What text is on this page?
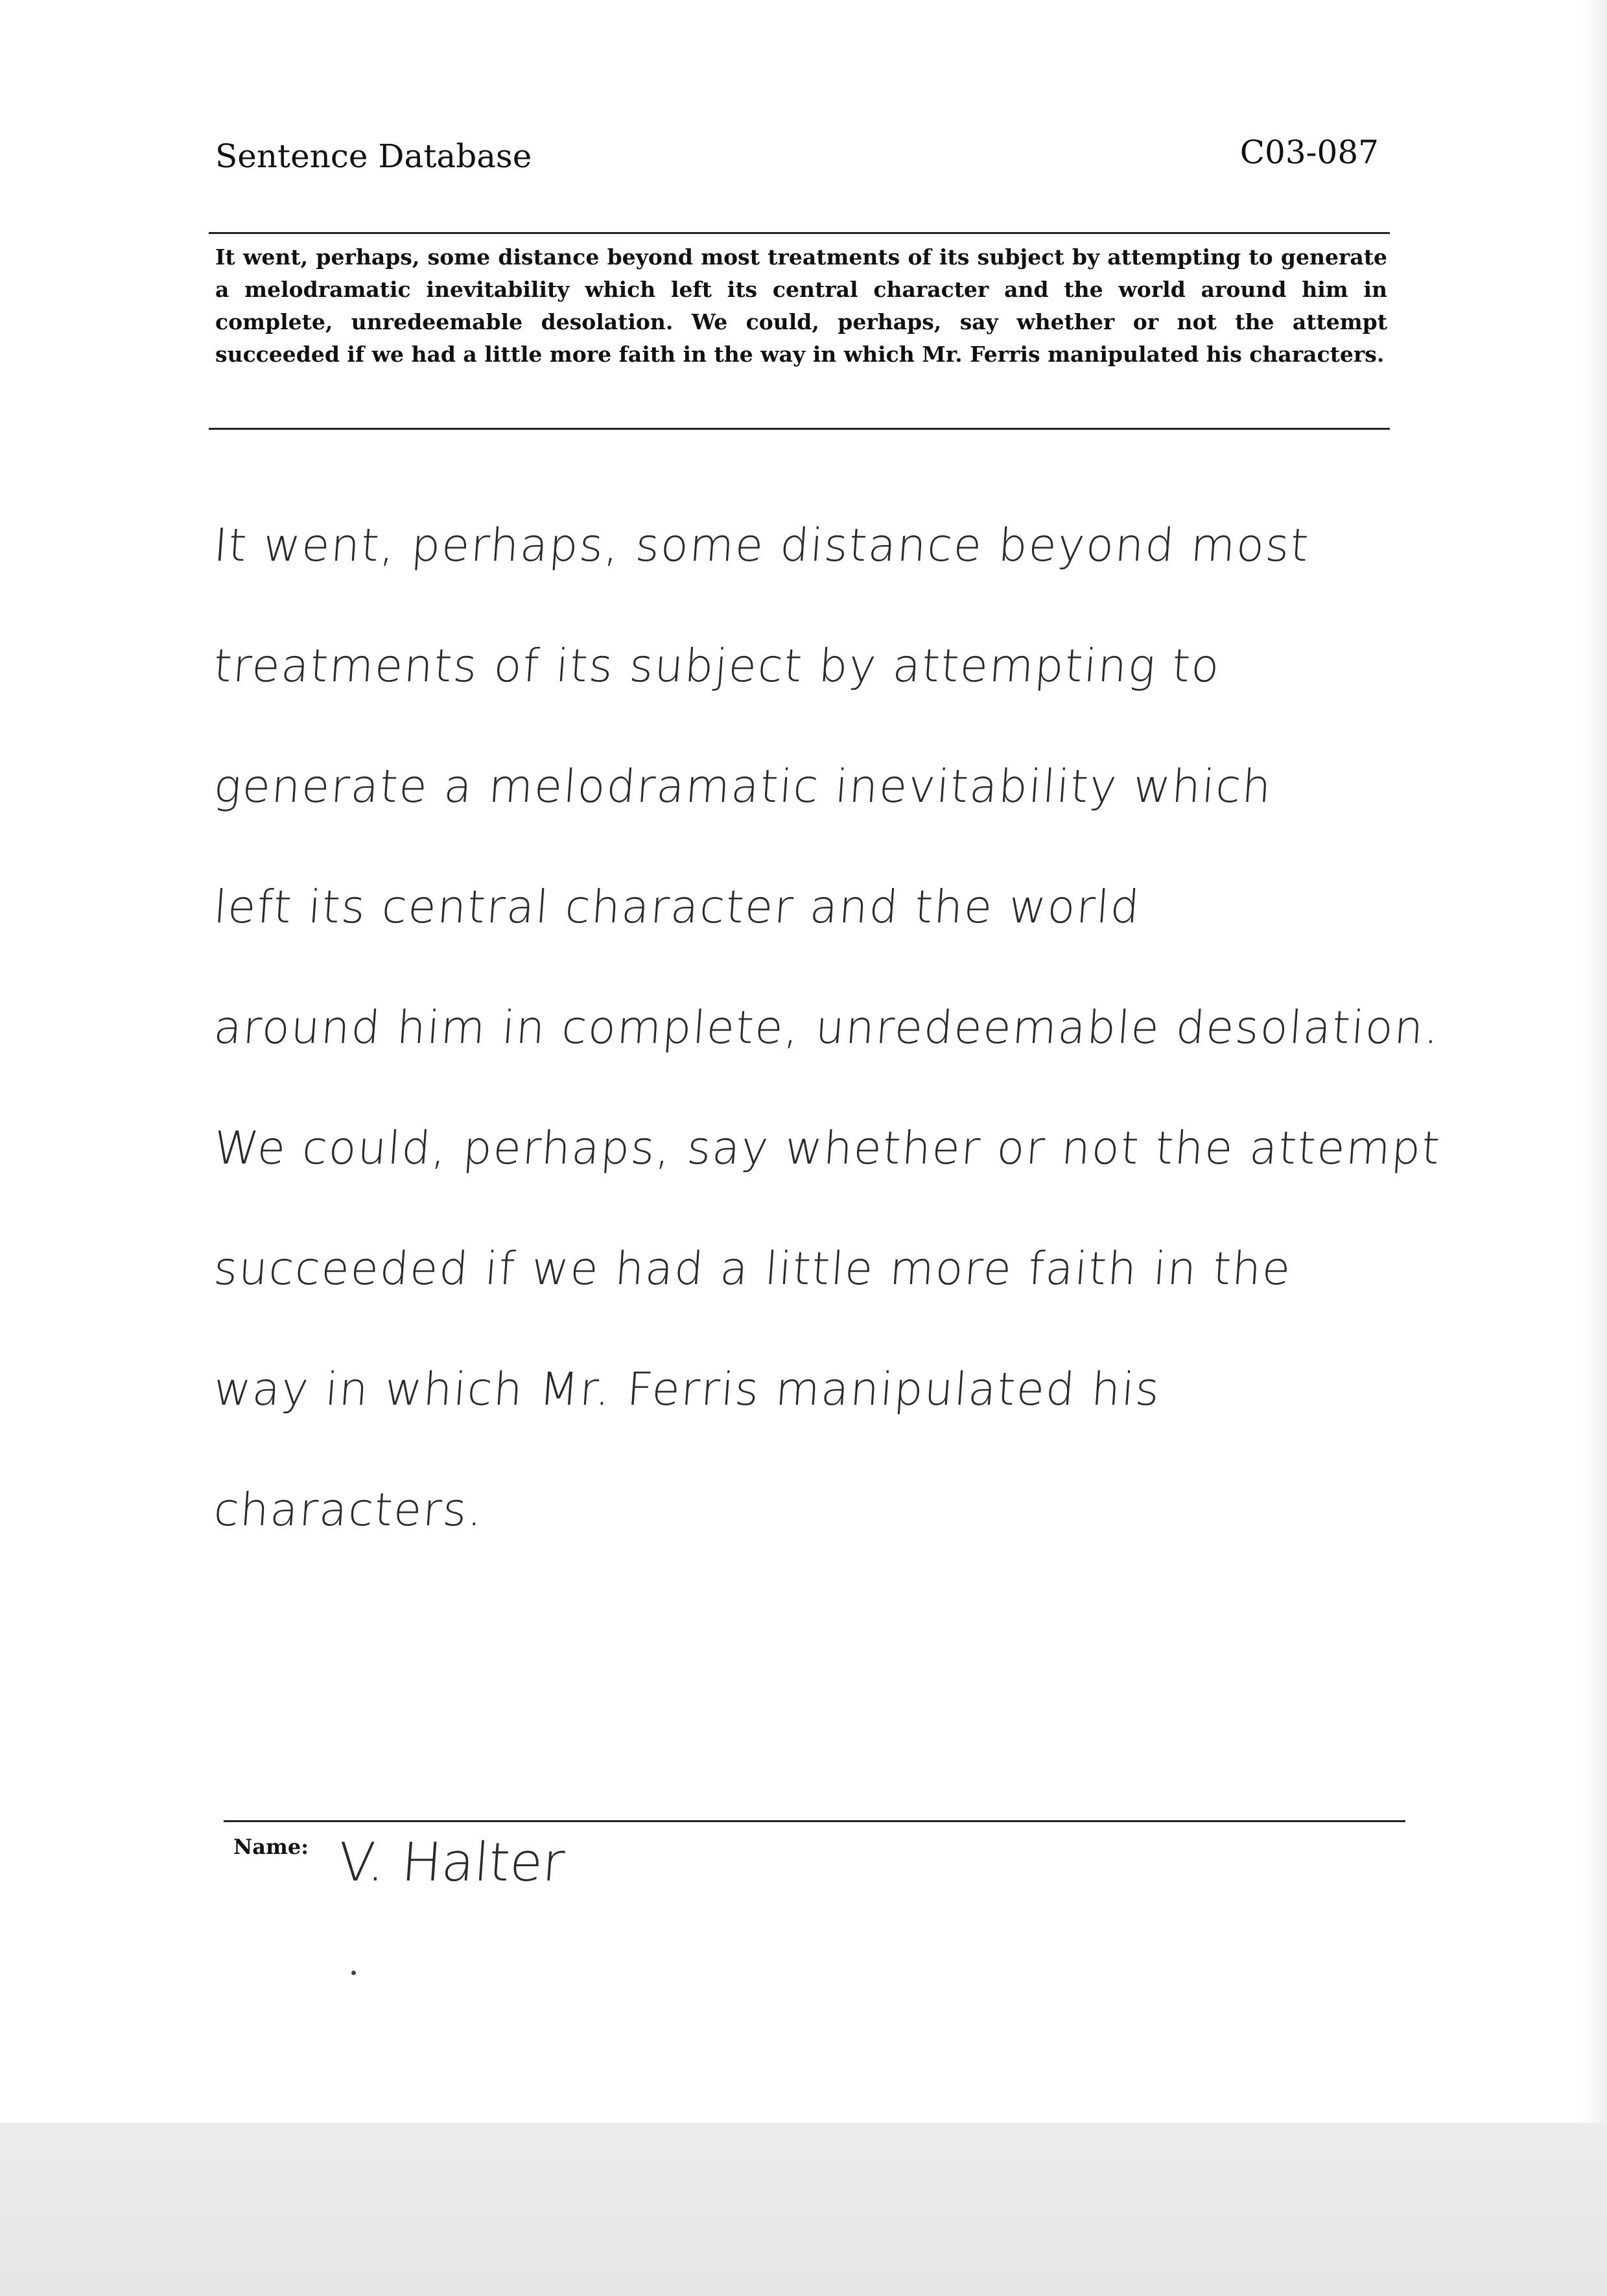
Sentence Database	C03-087

It went, perhaps, some distance beyond most treatments of its subject by attempting to generate a melodramatic inevitability which left its central character and the world around him in complete, unredeemable desolation. We could, perhaps, say whether or not the attempt succeeded if we had a little more faith in the way in which Mr. Ferris manipulated his characters.

It went, perhaps, some distance beyond most
treatments of its subject by attempting to
generate a melodramatic inevitability which
left its central character and the world
around him in complete, unredeemable desolation.
We could, perhaps, say whether or not the attempt
succeeded if we had a little more faith in the
way in which Mr. Ferris manipulated his
characters.
Name: V. Halter
